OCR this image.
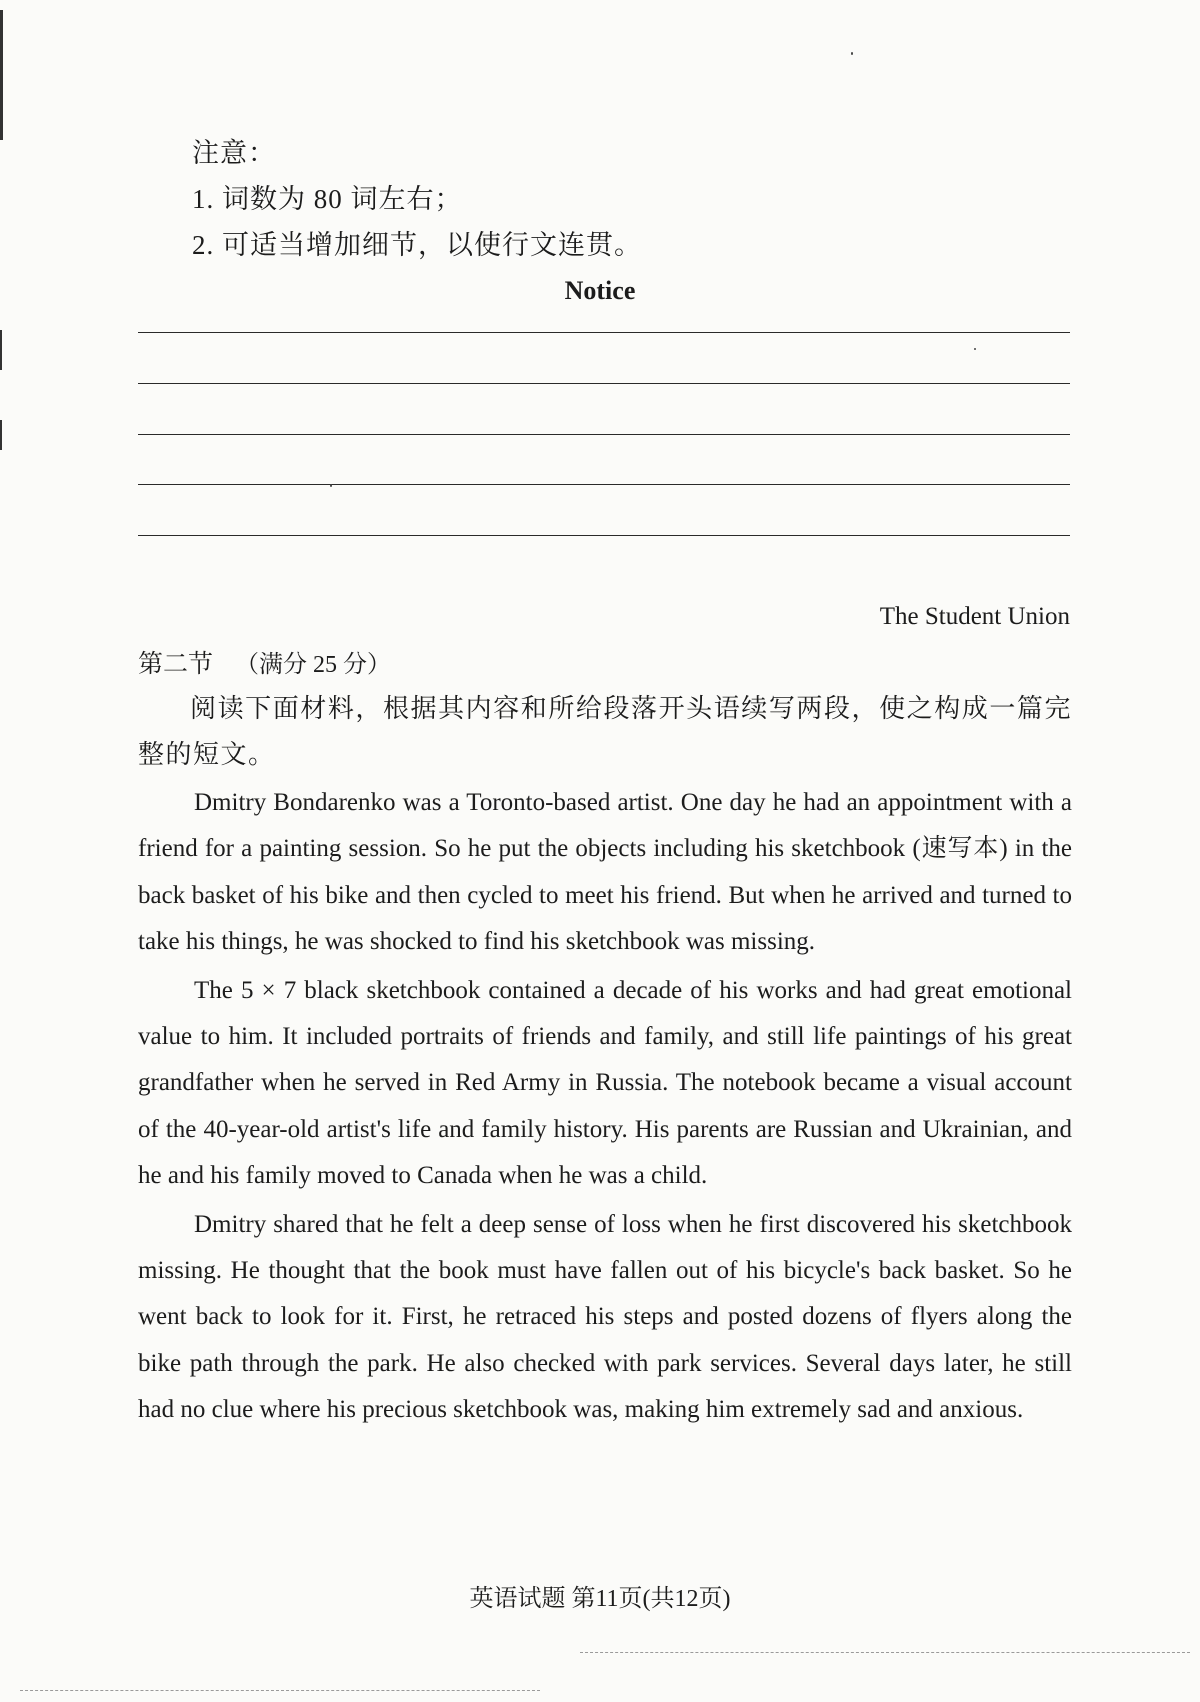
注意：
1. 词数为 80 词左右；
2. 可适当增加细节，以使行文连贯。
Notice
The Student Union
第二节 （满分 25 分）
阅读下面材料，根据其内容和所给段落开头语续写两段，使之构成一篇完整的短文。

Dmitry Bondarenko was a Toronto-based artist. One day he had an appointment with a friend for a painting session. So he put the objects including his sketchbook (速写本) in the back basket of his bike and then cycled to meet his friend. But when he arrived and turned to take his things, he was shocked to find his sketchbook was missing.

The 5 × 7 black sketchbook contained a decade of his works and had great emotional value to him. It included portraits of friends and family, and still life paintings of his great grandfather when he served in Red Army in Russia. The notebook became a visual account of the 40-year-old artist's life and family history. His parents are Russian and Ukrainian, and he and his family moved to Canada when he was a child.

Dmitry shared that he felt a deep sense of loss when he first discovered his sketchbook missing. He thought that the book must have fallen out of his bicycle's back basket. So he went back to look for it. First, he retraced his steps and posted dozens of flyers along the bike path through the park. He also checked with park services. Several days later, he still had no clue where his precious sketchbook was, making him extremely sad and anxious.

英语试题 第11页(共12页)
